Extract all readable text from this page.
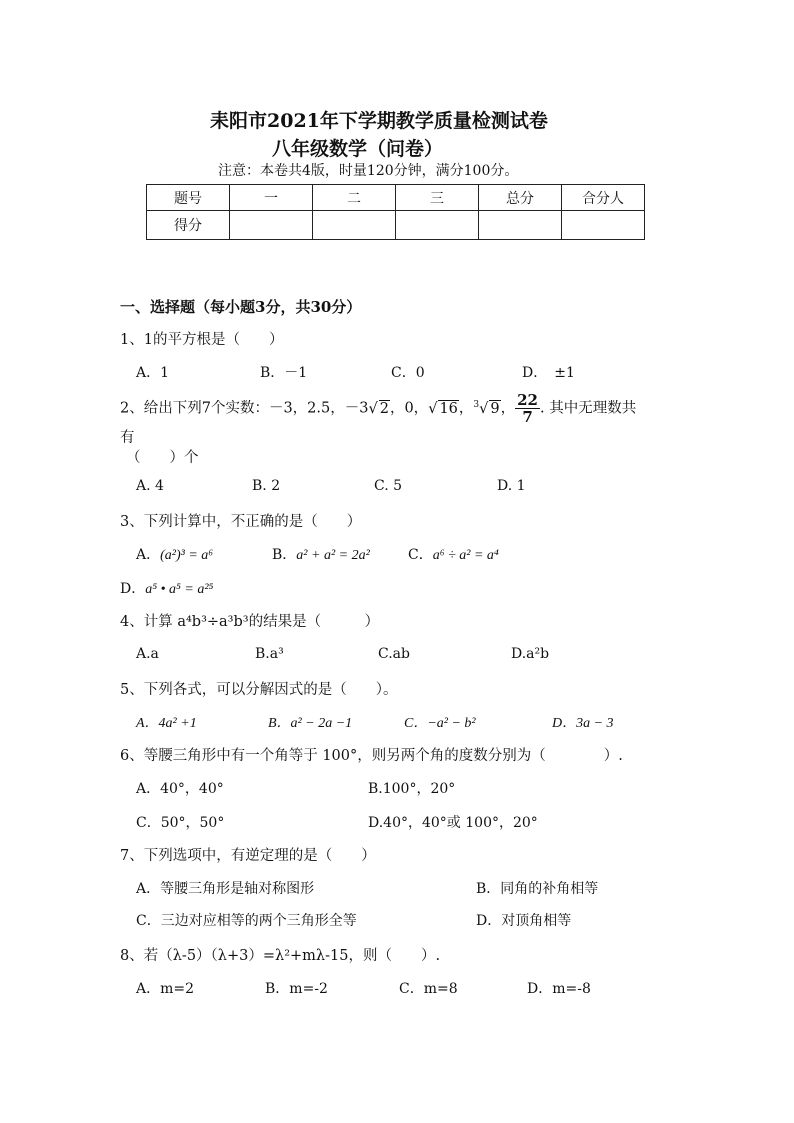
耒阳市2021年下学期教学质量检测试卷
八年级数学（问卷）
注意：本卷共4版，时量120分钟，满分100分。
题号	一	二	三	总分	合分人
得分					
一、选择题（每小题3分，共30分）
1、1的平方根是（　　）
A．1	B．－1	C．0	D．　±1
2、给出下列7个实数：－3，2.5，－3√ 2，0，√ 16，$^3$√ 9， $\frac{22}{7}$ . 其中无理数共
有
（　　）个
A. 4	B. 2	C. 5	D. 1
3、下列计算中，不正确的是（　　）
A．(a²)³ = a⁶	B．a² + a² = 2a²	C．a⁶ ÷ a² = a⁴
D．a⁵ • a⁵ = a²⁵
4、计算 a⁴b³÷a³b³的结果是（　　　）
A.a	B.a³	C.ab	D.a²b
5、下列各式，可以分解因式的是（　　）。
A．4a² +1	B．a² − 2a −1	C．−a² − b²	D．3a − 3
6、等腰三角形中有一个角等于 100°，则另两个角的度数分别为（　　　　）.
A．40°，40°	B.100°，20°
C．50°，50°	D.40°，40°或 100°，20°
7、下列选项中，有逆定理的是（　　）
A．等腰三角形是轴对称图形	B．同角的补角相等
C．三边对应相等的两个三角形全等	D．对顶角相等
8、若（λ-5）（λ+3）=λ²+mλ-15，则（　　）.
A．m=2	B．m=-2	C．m=8	D．m=-8
